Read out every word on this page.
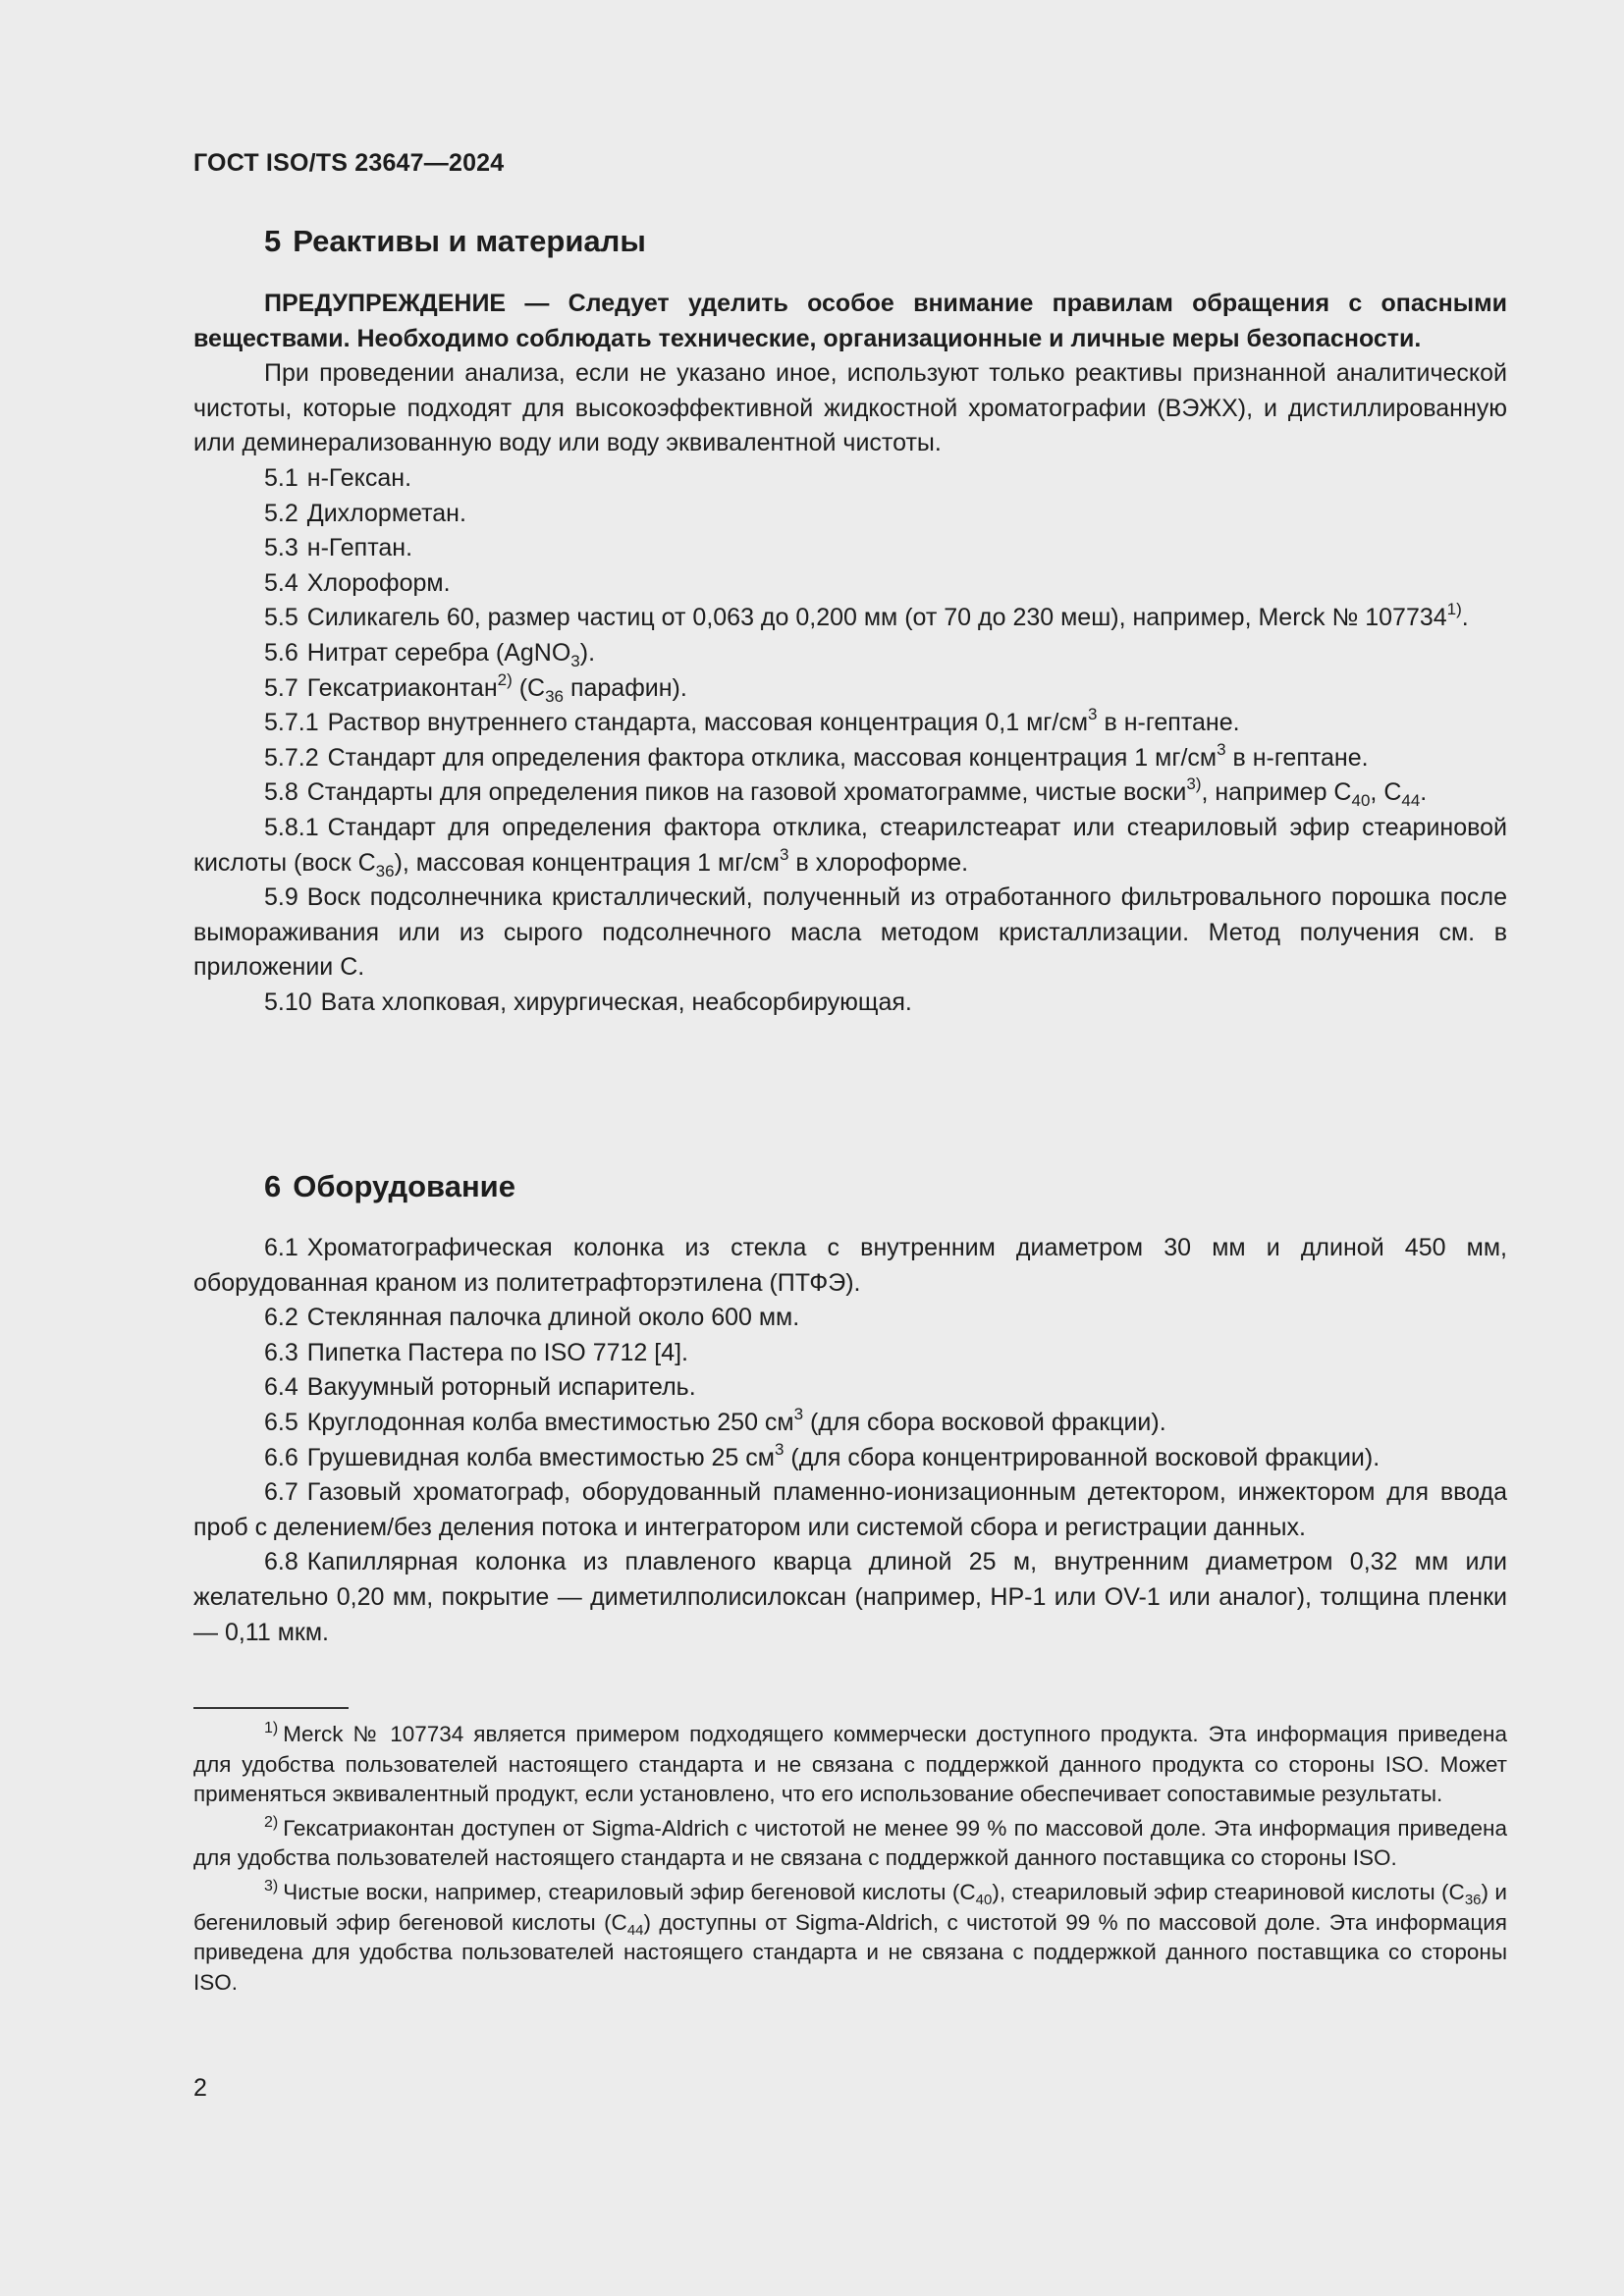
ГОСТ ISO/TS 23647—2024
5 Реактивы и материалы
ПРЕДУПРЕЖДЕНИЕ — Следует уделить особое внимание правилам обращения с опасными веществами. Необходимо соблюдать технические, организационные и личные меры безопасности.
При проведении анализа, если не указано иное, используют только реактивы признанной аналитической чистоты, которые подходят для высокоэффективной жидкостной хроматографии (ВЭЖХ), и дистиллированную или деминерализованную воду или воду эквивалентной чистоты.
5.1 н-Гексан.
5.2 Дихлорметан.
5.3 н-Гептан.
5.4 Хлороформ.
5.5 Силикагель 60, размер частиц от 0,063 до 0,200 мм (от 70 до 230 меш), например, Merck № 107734$^{1)}$.
5.6 Нитрат серебра (AgNO$_3$).
5.7 Гексатриаконтан$^{2)}$ ($C_{36}$ парафин).
5.7.1 Раствор внутреннего стандарта, массовая концентрация 0,1 $мг/см^3$ в н-гептане.
5.7.2 Стандарт для определения фактора отклика, массовая концентрация 1 $мг/см^3$ в н-гептане.
5.8 Стандарты для определения пиков на газовой хроматограмме, чистые воски$^{3)}$, например $C_{40}$, $C_{44}$.
5.8.1 Стандарт для определения фактора отклика, стеарилстеарат или стеариловый эфир стеариновой кислоты (воск $C_{36}$), массовая концентрация 1 $мг/см^3$ в хлороформе.
5.9 Воск подсолнечника кристаллический, полученный из отработанного фильтровального порошка после вымораживания или из сырого подсолнечного масла методом кристаллизации. Метод получения см. в приложении C.
5.10 Вата хлопковая, хирургическая, неабсорбирующая.
6 Оборудование
6.1 Хроматографическая колонка из стекла с внутренним диаметром 30 мм и длиной 450 мм, оборудованная краном из политетрафторэтилена (ПТФЭ).
6.2 Стеклянная палочка длиной около 600 мм.
6.3 Пипетка Пастера по ISO 7712 [4].
6.4 Вакуумный роторный испаритель.
6.5 Круглодонная колба вместимостью 250 $см^3$ (для сбора восковой фракции).
6.6 Грушевидная колба вместимостью 25 $см^3$ (для сбора концентрированной восковой фракции).
6.7 Газовый хроматограф, оборудованный пламенно-ионизационным детектором, инжектором для ввода проб с делением/без деления потока и интегратором или системой сбора и регистрации данных.
6.8 Капиллярная колонка из плавленого кварца длиной 25 м, внутренним диаметром 0,32 мм или желательно 0,20 мм, покрытие — диметилполисилоксан (например, HP-1 или OV-1 или аналог), толщина пленки — 0,11 мкм.
$^{1)}$ Merck № 107734 является примером подходящего коммерчески доступного продукта. Эта информация приведена для удобства пользователей настоящего стандарта и не связана с поддержкой данного продукта со стороны ISO. Может применяться эквивалентный продукт, если установлено, что его использование обеспечивает сопоставимые результаты.
$^{2)}$ Гексатриаконтан доступен от Sigma-Aldrich с чистотой не менее 99 % по массовой доле. Эта информация приведена для удобства пользователей настоящего стандарта и не связана с поддержкой данного поставщика со стороны ISO.
$^{3)}$ Чистые воски, например, стеариловый эфир бегеновой кислоты $(C_{40})$, стеариловый эфир стеариновой кислоты $(C_{36})$ и бегениловый эфир бегеновой кислоты $(C_{44})$ доступны от Sigma-Aldrich, с чистотой 99 % по массовой доле. Эта информация приведена для удобства пользователей настоящего стандарта и не связана с поддержкой данного поставщика со стороны ISO.
2
